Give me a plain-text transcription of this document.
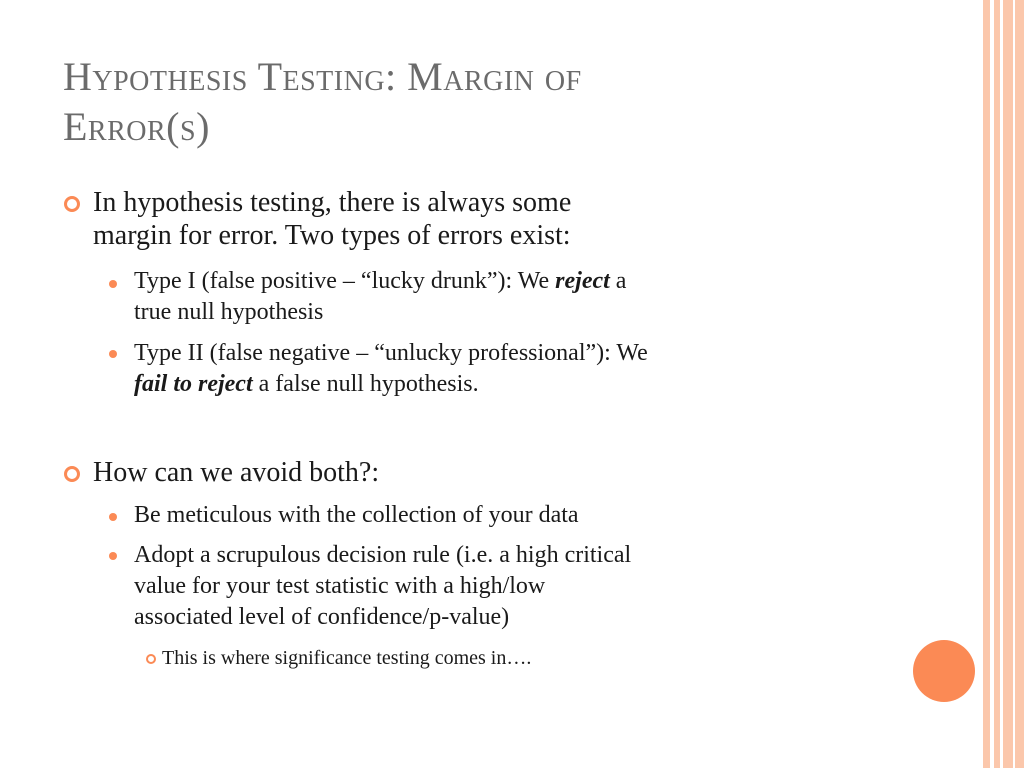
Hypothesis Testing: Margin of
Error(s)
In hypothesis testing, there is always some
margin for error. Two types of errors exist:
Type I (false positive – “lucky drunk”): We reject a
true null hypothesis
Type II (false negative – “unlucky professional”): We
fail to reject a false null hypothesis.
How can we avoid both?:
Be meticulous with the collection of your data
Adopt a scrupulous decision rule (i.e. a high critical
value for your test statistic with a high/low
associated level of confidence/p-value)
This is where significance testing comes in….
